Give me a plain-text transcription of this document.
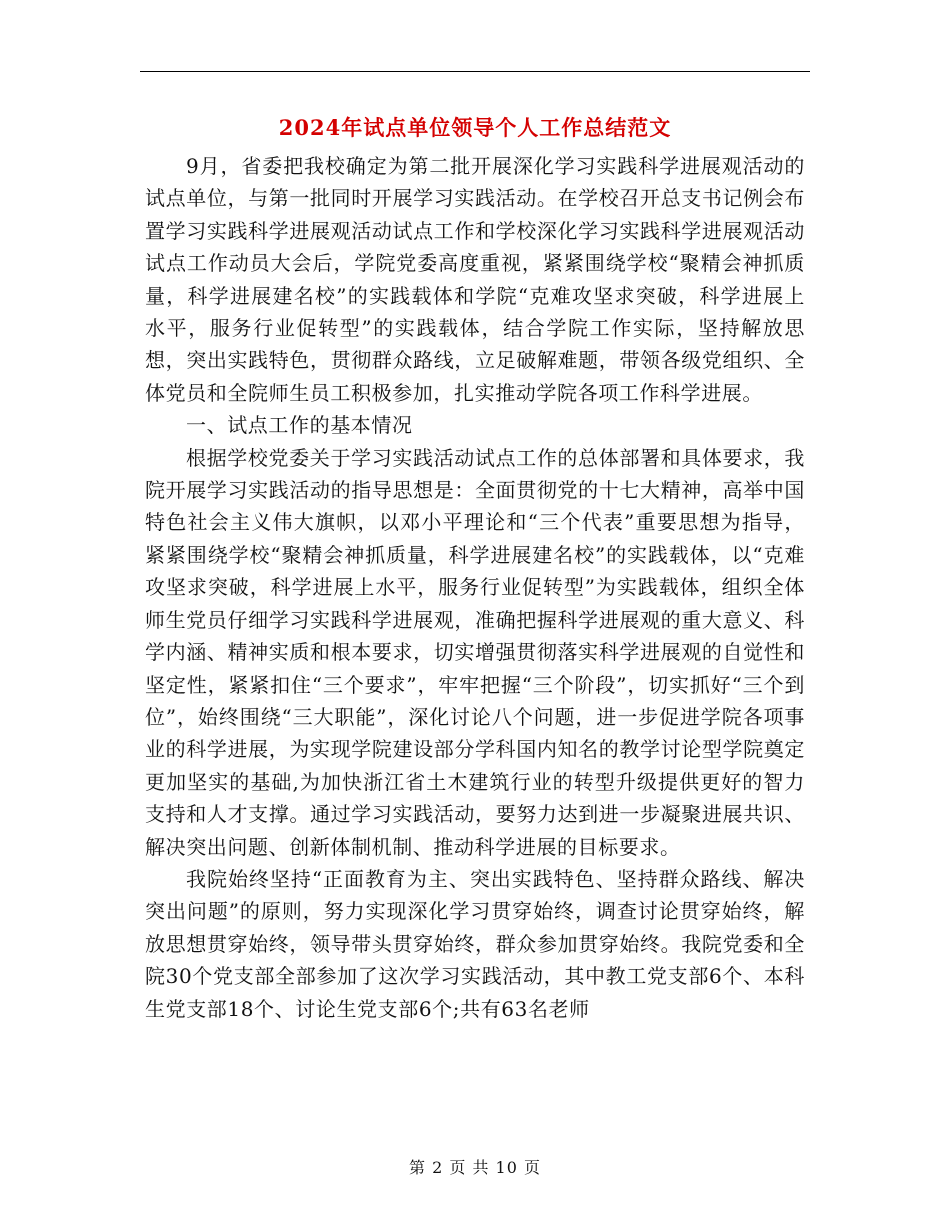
2024年试点单位领导个人工作总结范文

9月，省委把我校确定为第二批开展深化学习实践科学进展观活动的试点单位，与第一批同时开展学习实践活动。在学校召开总支书记例会布置学习实践科学进展观活动试点工作和学校深化学习实践科学进展观活动试点工作动员大会后，学院党委高度重视，紧紧围绕学校“聚精会神抓质量，科学进展建名校”的实践载体和学院“克难攻坚求突破，科学进展上水平，服务行业促转型”的实践载体，结合学院工作实际，坚持解放思想，突出实践特色，贯彻群众路线，立足破解难题，带领各级党组织、全体党员和全院师生员工积极参加，扎实推动学院各项工作科学进展。

一、试点工作的基本情况

根据学校党委关于学习实践活动试点工作的总体部署和具体要求，我院开展学习实践活动的指导思想是：全面贯彻党的十七大精神，高举中国特色社会主义伟大旗帜，以邓小平理论和“三个代表”重要思想为指导，紧紧围绕学校“聚精会神抓质量，科学进展建名校”的实践载体，以“克难攻坚求突破，科学进展上水平，服务行业促转型”为实践载体，组织全体师生党员仔细学习实践科学进展观，准确把握科学进展观的重大意义、科学内涵、精神实质和根本要求，切实增强贯彻落实科学进展观的自觉性和坚定性，紧紧扣住“三个要求”，牢牢把握“三个阶段”，切实抓好“三个到位”，始终围绕“三大职能”，深化讨论八个问题，进一步促进学院各项事业的科学进展，为实现学院建设部分学科国内知名的教学讨论型学院奠定更加坚实的基础,为加快浙江省土木建筑行业的转型升级提供更好的智力支持和人才支撑。通过学习实践活动，要努力达到进一步凝聚进展共识、解决突出问题、创新体制机制、推动科学进展的目标要求。

我院始终坚持“正面教育为主、突出实践特色、坚持群众路线、解决突出问题”的原则，努力实现深化学习贯穿始终，调查讨论贯穿始终，解放思想贯穿始终，领导带头贯穿始终，群众参加贯穿始终。我院党委和全院30个党支部全部参加了这次学习实践活动，其中教工党支部6个、本科生党支部18个、讨论生党支部6个;共有63名老师

第 2 页 共 10 页
